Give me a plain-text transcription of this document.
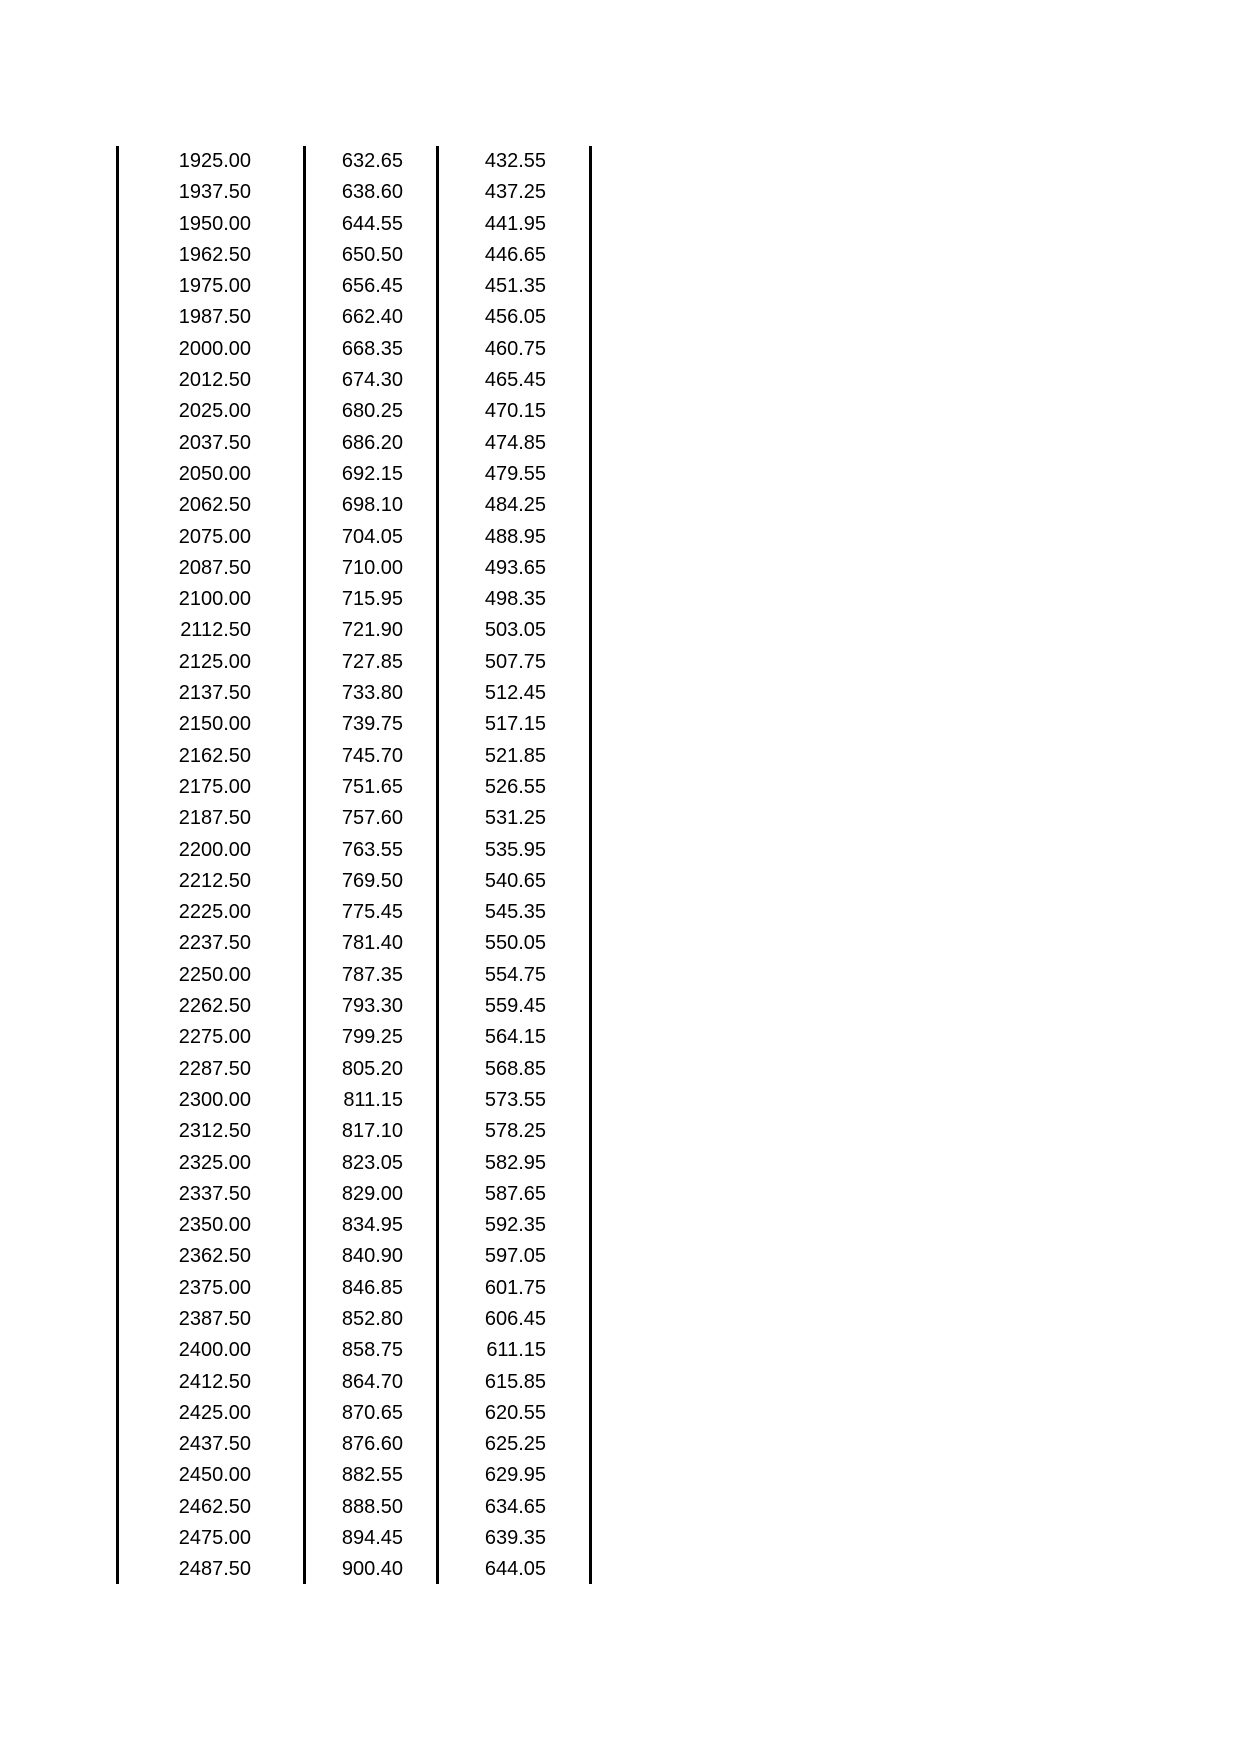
1925.00	632.65	432.55
1937.50	638.60	437.25
1950.00	644.55	441.95
1962.50	650.50	446.65
1975.00	656.45	451.35
1987.50	662.40	456.05
2000.00	668.35	460.75
2012.50	674.30	465.45
2025.00	680.25	470.15
2037.50	686.20	474.85
2050.00	692.15	479.55
2062.50	698.10	484.25
2075.00	704.05	488.95
2087.50	710.00	493.65
2100.00	715.95	498.35
2112.50	721.90	503.05
2125.00	727.85	507.75
2137.50	733.80	512.45
2150.00	739.75	517.15
2162.50	745.70	521.85
2175.00	751.65	526.55
2187.50	757.60	531.25
2200.00	763.55	535.95
2212.50	769.50	540.65
2225.00	775.45	545.35
2237.50	781.40	550.05
2250.00	787.35	554.75
2262.50	793.30	559.45
2275.00	799.25	564.15
2287.50	805.20	568.85
2300.00	811.15	573.55
2312.50	817.10	578.25
2325.00	823.05	582.95
2337.50	829.00	587.65
2350.00	834.95	592.35
2362.50	840.90	597.05
2375.00	846.85	601.75
2387.50	852.80	606.45
2400.00	858.75	611.15
2412.50	864.70	615.85
2425.00	870.65	620.55
2437.50	876.60	625.25
2450.00	882.55	629.95
2462.50	888.50	634.65
2475.00	894.45	639.35
2487.50	900.40	644.05
